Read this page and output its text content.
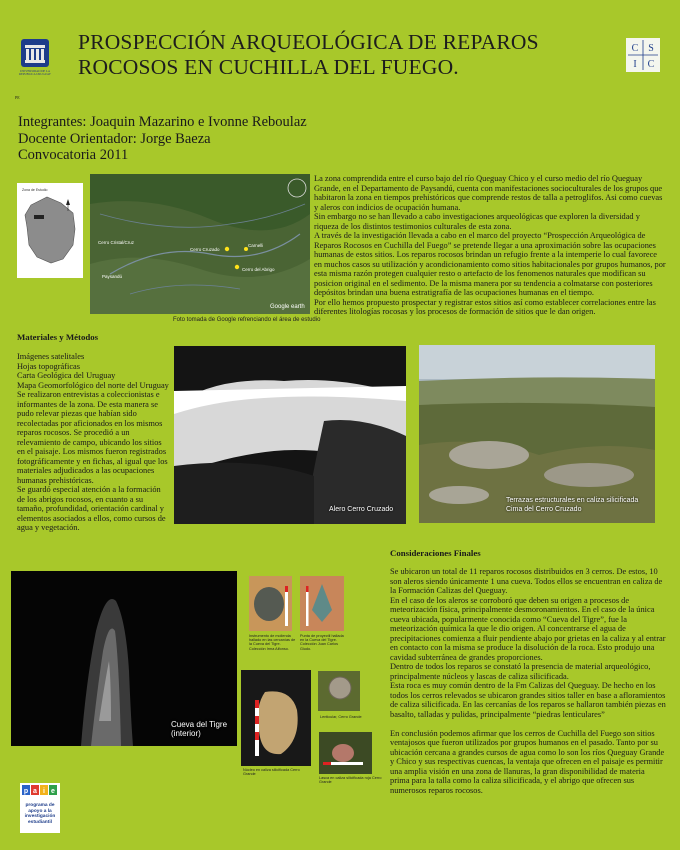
UNIVERSIDAD DE LA REPUBLICA URUGUAY
PE
PROSPECCIÓN ARQUEOLÓGICA DE REPAROS ROCOSOS EN CUCHILLA DEL FUEGO.
C S
I C
Integrantes: Joaquin Mazarino e Ivonne Reboulaz
Docente Orientador: Jorge Baeza
Convocatoria 2011
Zona de Estudio
Cerro Cristal/Cruz
Cerro Cruzado
Carnelli
Cerro del Abrigo
Paysandú
Google earth
Foto tomada de Google refrenciando el área de estudio
La zona comprendida entre el curso bajo del río Queguay Chico y el curso medio del río Queguay Grande, en el Departamento de Paysandú, cuenta con manifestaciones socioculturales de los grupos que habitaron la zona en tiempos prehistóricos que comprende restos de talla a petroglifos. Asi como cuevas y aleros con indicios de ocupación humana.
Sin embargo no se han llevado a cabo investigaciones arqueológicas que exploren la diversidad y riqueza de los distintos testimonios culturales de esta zona.
A través de la investigación llevada a cabo en el marco del proyecto “Prospección Arqueológica de Reparos Rocosos en Cuchilla del Fuego” se pretende llegar a una aproximación sobre las ocupaciones humanas de estos sitios. Los reparos rocosos brindan un refugio frente a la intemperie lo cual favorece en muchos casos su utilización y acondicionamiento como sitios habitacionales por grupos humanos, por esta misma razón protegen cualquier resto o artefacto de los fenomenos naturales que modifican su posicion original en el sedimento. De la misma manera por su tendencia a colmatarse con posteriores depósitos brindan una buena estratigrafía de las ocupaciones humanas en el tiempo.
Por ello hemos propuesto prospectar y registrar estos sitios así como establecer correlaciones entre las diferentes litologías rocosas y los procesos de formación de sitios que le dan origen.
Materiales y Métodos
Imágenes satelitales
Hojas topográficas
Carta Geológica del Uruguay
Mapa Geomorfológico del norte del Uruguay
Se realizaron entrevistas a coleccionistas e informantes de la zona. De esta manera se pudo relevar piezas que habían sido recolectadas por aficionados en los mismos reparos rocosos. Se procedió a un relevamiento de campo, ubicando los sitios en el paisaje. Los mismos fueron registrados fotográficamente y en fichas, al igual que los materiales adjudicados a las ocupaciones humanas prehistóricas.
Se guardó especial atención a la formación de los abrigos rocosos, en cuanto a su tamaño, profundidad, orientación cardinal y elementos asociados a ellos, como cursos de agua y vegetación.
Alero Cerro Cruzado
Terrazas estructurales en caliza silicificada
Cima del Cerro Cruzado
Cueva del Tigre
(interior)
Instrumento de molienda hallado en las cercanías de la Cueva del Tigre. Colección Irma Alfonso.
Punta de proyectil hallada en la Cueva del Tigre. Colección Juan Carlos Giudo.
Lenticular, Cerro Grande
Núcleo en caliza silicificada Cerro Grande
Lasca en caliza silicificada roja Cerro Grande
Consideraciones Finales
Se ubicaron un total de 11 reparos rocosos distribuidos en 3 cerros. De estos, 10 son aleros siendo únicamente 1 una cueva. Todos ellos se encuentran en caliza de la Formación Calizas del Queguay.
En el caso de los aleros se corroboró que deben su origen a procesos de meteorización física, principalmente desmoronamientos. En el caso de la única cueva ubicada, popularmente conocida como “Cueva del Tigre”, fue la meteorización química la que le dio origen. Al concentrarse el agua de precipitaciones comienza a fluir pendiente abajo por grietas en la caliza y al entrar en contacto con la misma se produce la disolución de la roca. Esto produjo una cavidad subterránea de grandes proporciones.
Dentro de todos los reparos se constató la presencia de material arqueológico, principalmente núcleos y lascas de caliza silicificada.
Esta roca es muy común dentro de la Fm Calizas del Queguay. De hecho en los todos los cerros relevados se ubicaron grandes sitios taller en base a afloramientos de caliza silicificada. En las cercanías de los reparos se hallaron también piezas en basalto, talladas y pulidas, principalmente “piedras lenticulares”

En conclusión podemos afirmar que los cerros de Cuchilla del Fuego son sitios ventajosos que fueron utilizados por grupos humanos en el pasado. Tanto por su ubicación cercana a grandes cursos de agua como lo son los ríos Queguay Grande y Chico y sus respectivas cuencas, la ventaja que ofrecen en el paisaje es permitir una amplia visión en una zona de llanuras, la gran disponibilidad de materia prima para la talla como la caliza silicificada, y el abrigo que ofrecen sus numerosos reparos rocosos.
p a i e
programa de apoyo a la investigación estudiantil
